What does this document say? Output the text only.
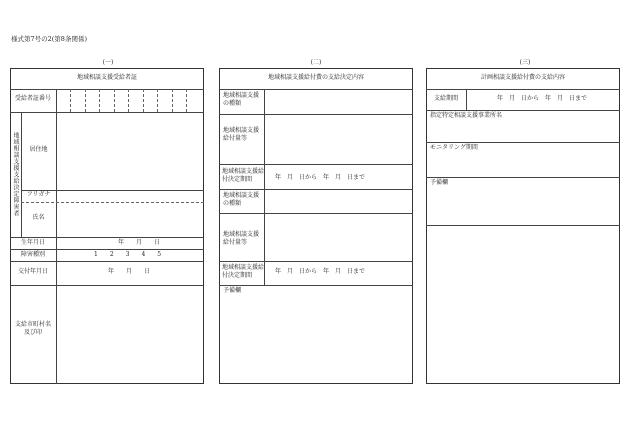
様式第7号の2(第8条関係)
(一)	(二)	(三)
地域相談支援受給者証
受給者証番号
地域相談支援支給決定障害者	居住地
フリガナ
氏名
生年月日	年　　月　　日
障害種別	1　　2　　3　　4　　5
交付年月日	年　　月　　日
支給市町村名及び印
地域相談支援給付費の支給決定内容
地域相談支援の種類
地域相談支援給付量等
地域相談支援給付決定期間	年　月　日から　年　月　日まで
地域相談支援の種類
地域相談支援給付量等
地域相談支援給付決定期間	年　月　日から　年　月　日まで
予備欄
計画相談支援給付費の支給内容
支給期間	年　月　日から　年　月　日まで
指定特定相談支援事業所名
モニタリング期間
予備欄
